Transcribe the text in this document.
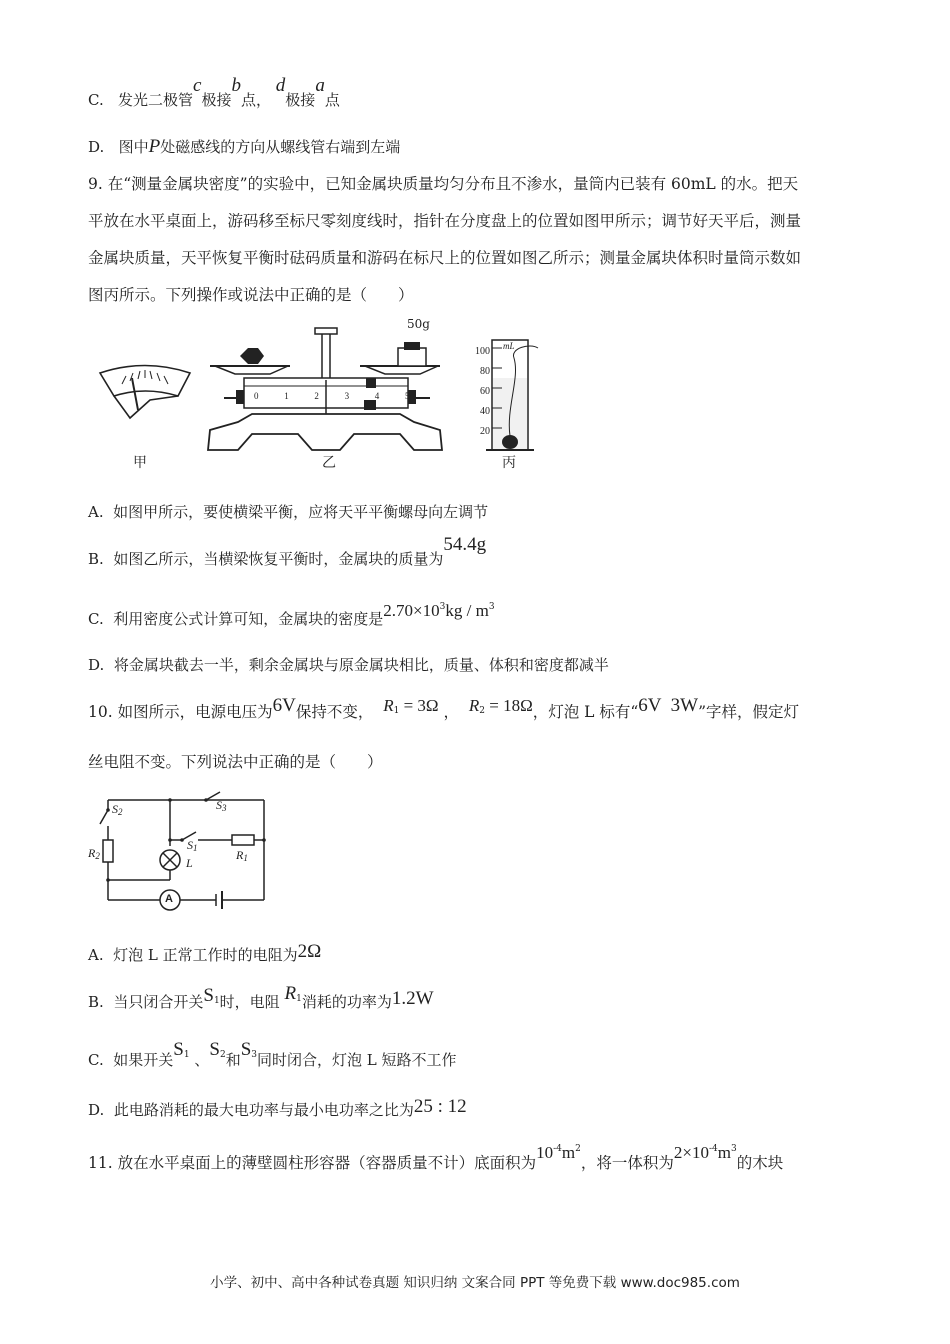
C. 发光二极管c极接b点， d极接a点
D. 图中P处磁感线的方向从螺线管右端到左端
9. 在“测量金属块密度”的实验中，已知金属块质量均匀分布且不渗水，量筒内已装有 60mL 的水。把天
平放在水平桌面上，游码移至标尺零刻度线时，指针在分度盘上的位置如图甲所示；调节好天平后，测量
金属块质量，天平恢复平衡时砝码质量和游码在标尺上的位置如图乙所示；测量金属块体积时量筒示数如
图丙所示。下列操作或说法中正确的是（　　）
50g
0	1	2	3	4	5g
100
80
60
40
20
mL
甲	乙	丙
A. 如图甲所示，要使横梁平衡，应将天平平衡螺母向左调节
B. 如图乙所示，当横梁恢复平衡时，金属块的质量为54.4g
C. 利用密度公式计算可知，金属块的密度是$2.70\times 10^3kg / m^3$
D. 将金属块截去一半，剩余金属块与原金属块相比，质量、体积和密度都减半
10. 如图所示，电源电压为6V保持不变， $R_1 = 3\Omega$ ， $R_2 = 18\Omega$，灯泡 L 标有“6V  3W”字样，假定灯
丝电阻不变。下列说法中正确的是（　　）
$S_2$	$S_3$
$S_1$
$R_2$	$R_1$
L
A
A. 灯泡 L 正常工作时的电阻为2Ω
B. 当只闭合开关$S_1$时，电阻 $R_1$消耗的功率为1.2W
C. 如果开关$S_1$ 、$S_2$和$S_3$同时闭合，灯泡 L 短路不工作
D. 此电路消耗的最大电功率与最小电功率之比为25 : 12
11. 放在水平桌面上的薄壁圆柱形容器（容器质量不计）底面积为$10^{-4}m^2$，将一体积为$2\times 10^{-4}m^3$的木块
小学、初中、高中各种试卷真题 知识归纳 文案合同 PPT 等免费下载 www.doc985.com
